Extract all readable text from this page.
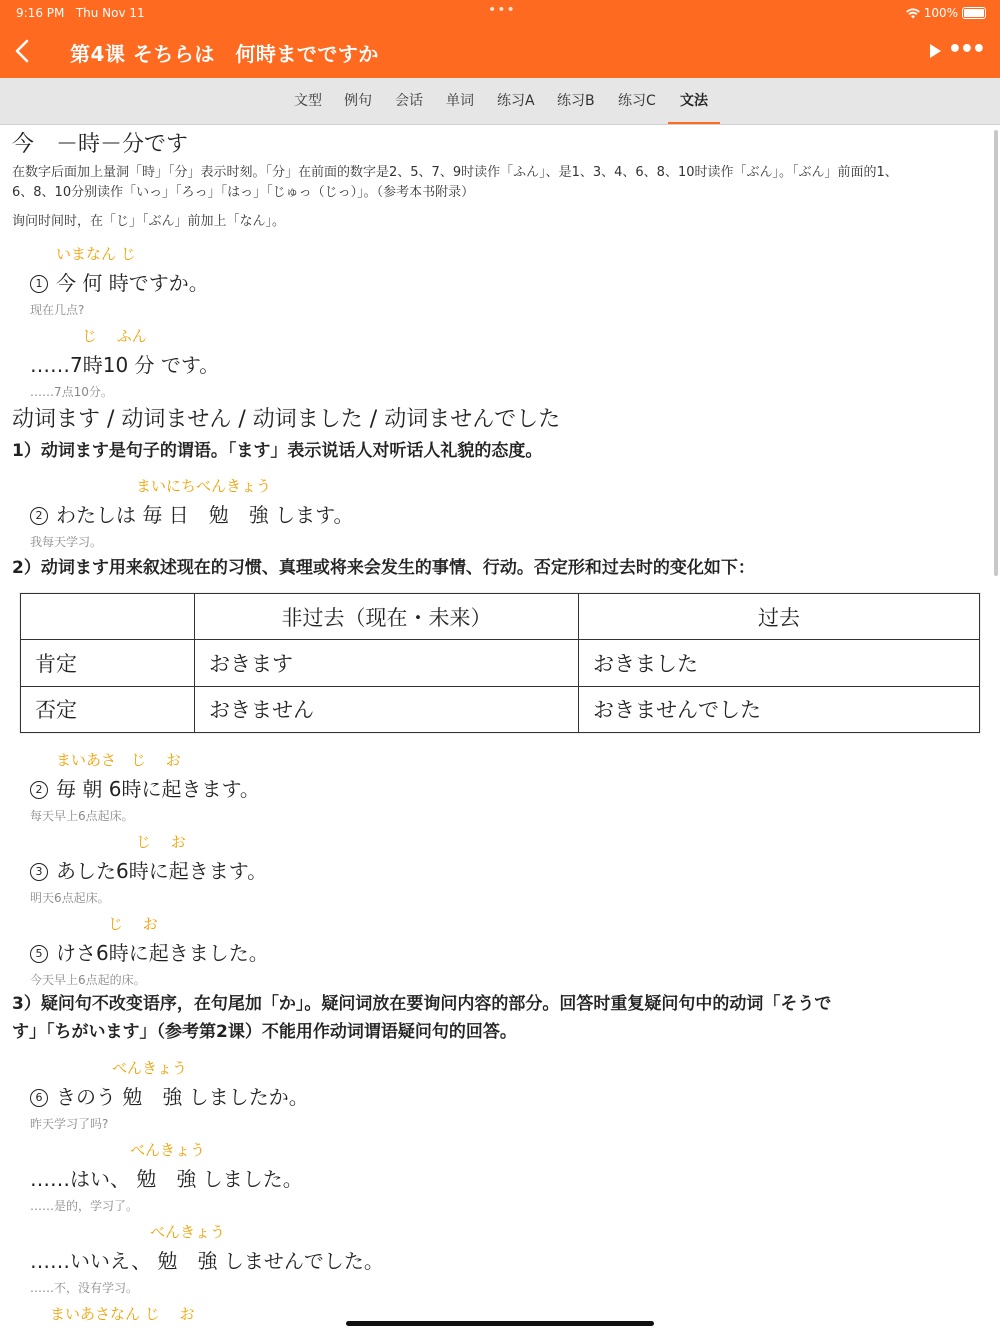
9:16 PM Thu Nov 11	•••	100%
第4课 そちらは　何時までですか	•••
文型 例句 会话 单词 练习A 练习B 练习C 文法
今　－時－分です
在数字后面加上量洞「時」「分」表示时刻。「分」在前面的数字是2、5、7、9时读作「ふん」、是1、3、4、6、8、10时读作「ぶん」。「ぶん」前面的1、
6、8、10分别读作「いっ」「ろっ」「はっ」「じゅっ（じっ）」。（参考本书附录）
询问时间时，在「じ」「ぶん」前加上「なん」。
いまなん じ
1 今 何 時ですか。
现在几点?
じ　 ふん
……7時10 分 です。
……7点10分。
动词ます / 动词ません / 动词ました / 动词ませんでした
1）动词ます是句子的谓语。「ます」表示说话人对听话人礼貌的态度。
まいにちべんきょう
2 わたしは 毎 日　勉　強 します。
我每天学习。
2）动词ます用来叙述现在的习惯、真理或将来会发生的事情、行动。否定形和过去时的变化如下：
	非过去（现在・未来）	过去
肯定	おきます	おきました
否定	おきません	おきませんでした
まいあさ　じ　 お
2 毎 朝 6時に起きます。
每天早上6点起床。
じ　 お
3 あした6時に起きます。
明天6点起床。
じ　 お
5 けさ6時に起きました。
今天早上6点起的床。
3）疑问句不改变语序，在句尾加「か」。疑问词放在要询问内容的部分。回答时重复疑问句中的动词「そうで
す」「ちがいます」（参考第2课）不能用作动词谓语疑问句的回答。
べんきょう
6 きのう 勉　強 しましたか。
昨天学习了吗?
べんきょう
……はい、 勉　強 しました。
……是的，学习了。
べんきょう
……いいえ、 勉　強 しませんでした。
……不，没有学习。
まいあさなん じ　 お
